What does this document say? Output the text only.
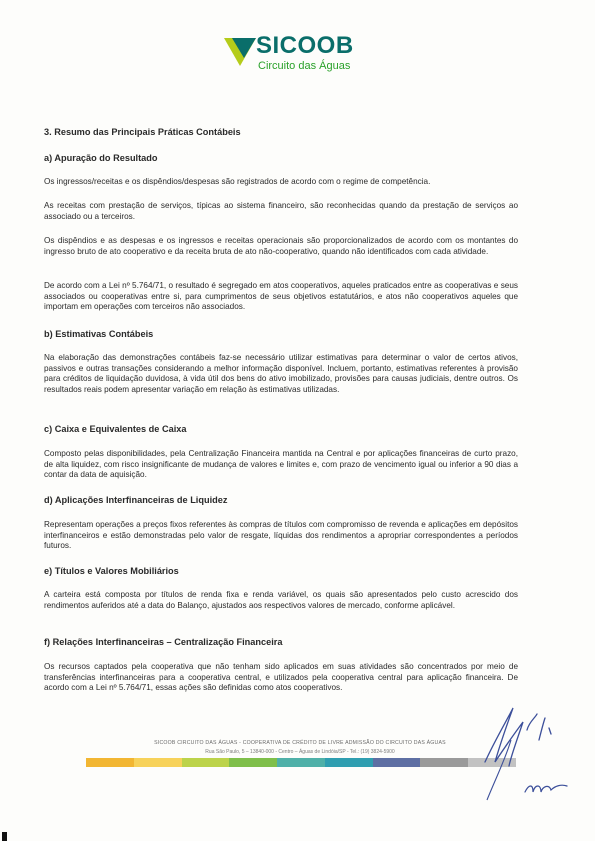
SICOOB
Circuito das Águas
3. Resumo das Principais Práticas Contábeis
a) Apuração do Resultado

Os ingressos/receitas e os dispêndios/despesas são registrados de acordo com o regime de competência.

As receitas com prestação de serviços, típicas ao sistema financeiro, são reconhecidas quando da prestação de serviços ao associado ou a terceiros.

Os dispêndios e as despesas e os ingressos e receitas operacionais são proporcionalizados de acordo com os montantes do ingresso bruto de ato cooperativo e da receita bruta de ato não-cooperativo, quando não identificados com cada atividade.

De acordo com a Lei nº 5.764/71, o resultado é segregado em atos cooperativos, aqueles praticados entre as cooperativas e seus associados ou cooperativas entre si, para cumprimentos de seus objetivos estatutários, e atos não cooperativos aqueles que importam em operações com terceiros não associados.

b) Estimativas Contábeis

Na elaboração das demonstrações contábeis faz-se necessário utilizar estimativas para determinar o valor de certos ativos, passivos e outras transações considerando a melhor informação disponível. Incluem, portanto, estimativas referentes à provisão para créditos de liquidação duvidosa, à vida útil dos bens do ativo imobilizado, provisões para causas judiciais, dentre outros. Os resultados reais podem apresentar variação em relação às estimativas utilizadas.

c) Caixa e Equivalentes de Caixa

Composto pelas disponibilidades, pela Centralização Financeira mantida na Central e por aplicações financeiras de curto prazo, de alta liquidez, com risco insignificante de mudança de valores e limites e, com prazo de vencimento igual ou inferior a 90 dias a contar da data de aquisição.

d) Aplicações Interfinanceiras de Liquidez

Representam operações a preços fixos referentes às compras de títulos com compromisso de revenda e aplicações em depósitos interfinanceiros e estão demonstradas pelo valor de resgate, líquidas dos rendimentos a apropriar correspondentes a períodos futuros.

e) Títulos e Valores Mobiliários

A carteira está composta por títulos de renda fixa e renda variável, os quais são apresentados pelo custo acrescido dos rendimentos auferidos até a data do Balanço, ajustados aos respectivos valores de mercado, conforme aplicável.

f) Relações Interfinanceiras – Centralização Financeira

Os recursos captados pela cooperativa que não tenham sido aplicados em suas atividades são concentrados por meio de transferências interfinanceiras para a cooperativa central, e utilizados pela cooperativa central para aplicação financeira. De acordo com a Lei nº 5.764/71, essas ações são definidas como atos cooperativos.

SICOOB CIRCUITO DAS ÁGUAS - COOPERATIVA DE CRÉDITO DE LIVRE ADMISSÃO DO CIRCUITO DAS ÁGUAS
Rua São Paulo, 5 – 13840-000 - Centro – Águas de Lindóia/SP - Tel.: (19) 3824-5900
